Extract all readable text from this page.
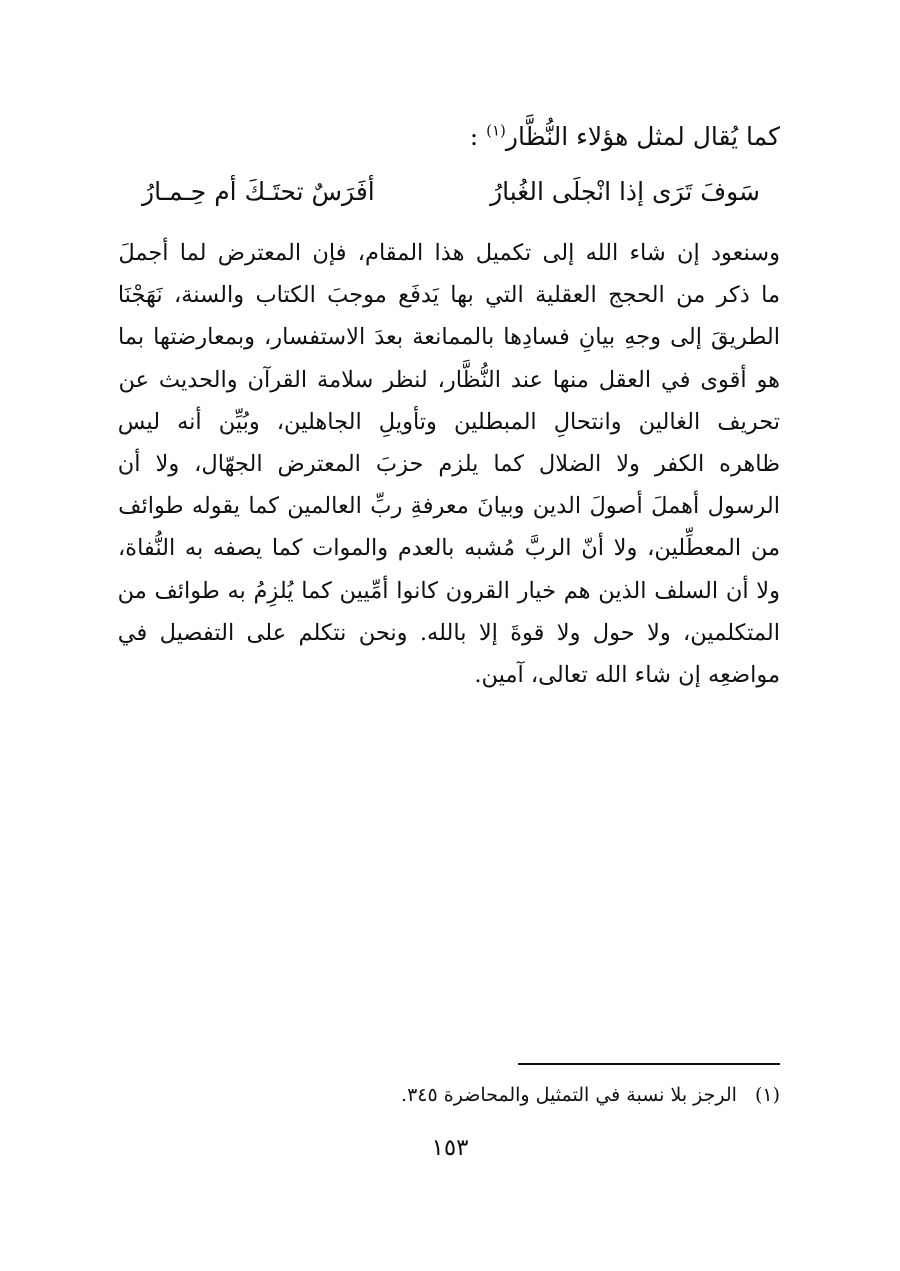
كما يُقال لمثل هؤلاء النُّظَّار$^{(١)}$ :
سَوفَ تَرَى إذا انْجلَى الغُبارُ
أفَرَسٌ تحتَـكَ أم حِـمـارُ
وسنعود إن شاء الله إلى تكميل هذا المقام، فإن المعترض لما أجملَ
ما ذكر من الحجج العقلية التي بها يَدفَع موجبَ الكتاب والسنة، نَهَجْنَا
الطريقَ إلى وجهِ بيانِ فسادِها بالممانعة بعدَ الاستفسار، وبمعارضتها بما
هو أقوى في العقل منها عند النُّظَّار، لنظر سلامة القرآن والحديث عن
تحريف الغالين وانتحالِ المبطلين وتأويلِ الجاهلين، وبُيِّن أنه ليس
ظاهره الكفر ولا الضلال كما يلزم حزبَ المعترض الجهّال، ولا أن
الرسول أهملَ أصولَ الدين وبيانَ معرفةِ ربِّ العالمين كما يقوله طوائف
من المعطِّلين، ولا أنّ الربَّ مُشبه بالعدم والموات كما يصفه به النُّفاة،
ولا أن السلف الذين هم خيار القرون كانوا أمِّيين كما يُلزِمُ به طوائف من
المتكلمين، ولا حول ولا قوةَ إلا بالله. ونحن نتكلم على التفصيل في
مواضعِه إن شاء الله تعالى، آمين.
(١)الرجز بلا نسبة في التمثيل والمحاضرة ٣٤٥.
١٥٣
